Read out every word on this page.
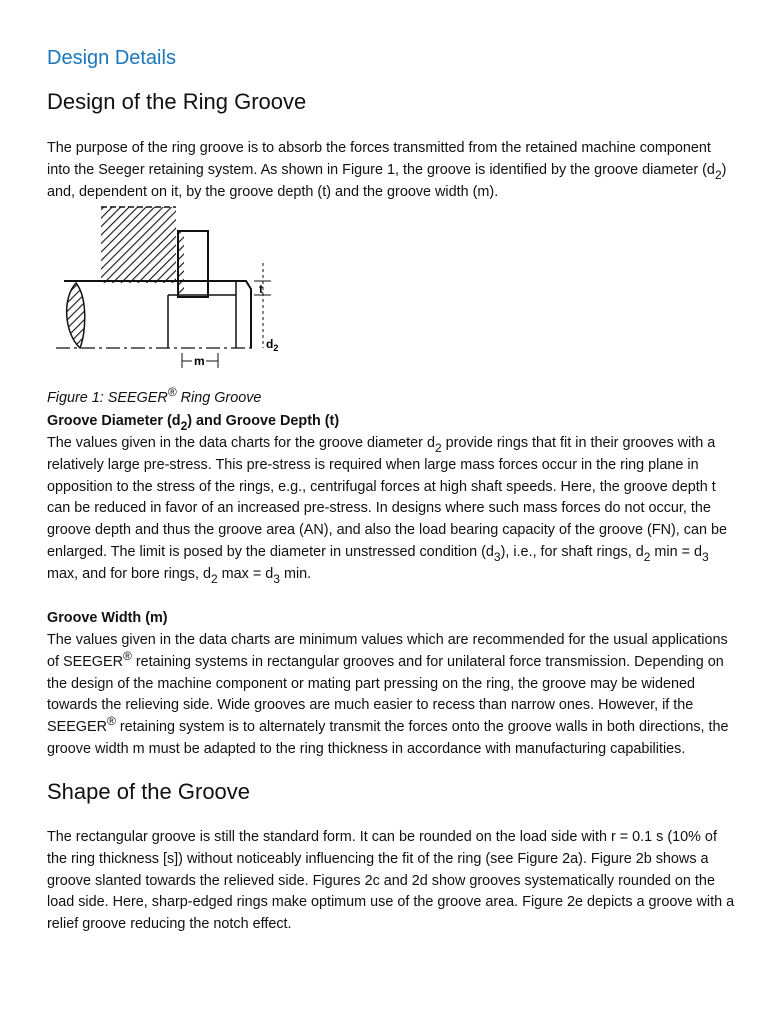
Design Details
Design of the Ring Groove

The purpose of the ring groove is to absorb the forces transmitted from the retained machine component into the Seeger retaining system. As shown in Figure 1, the groove is identified by the groove diameter $(d_2)$ and, dependent on it, by the groove depth (t) and the groove width (m).

t
$d_2$
m
Figure 1: SEEGER® Ring Groove

Groove Diameter $(d_2)$ and Groove Depth (t)

The values given in the data charts for the groove diameter $d_2$ provide rings that fit in their grooves with a relatively large pre-stress. This pre-stress is required when large mass forces occur in the ring plane in opposition to the stress of the rings, e.g., centrifugal forces at high shaft speeds. Here, the groove depth t can be reduced in favor of an increased pre-stress. In designs where such mass forces do not occur, the groove depth and thus the groove area (AN), and also the load bearing capacity of the groove (FN), can be enlarged. The limit is posed by the diameter in unstressed condition $(d_3)$, i.e., for shaft rings, $d_2$ $\min = d_3$ max, and for bore rings, $d_2$ $\max = d_3$ min.

Groove Width (m)

The values given in the data charts are minimum values which are recommended for the usual applications of SEEGER® retaining systems in rectangular grooves and for unilateral force transmission. Depending on the design of the machine component or mating part pressing on the ring, the groove may be widened towards the relieving side. Wide grooves are much easier to recess than narrow ones. However, if the SEEGER® retaining system is to alternately transmit the forces onto the groove walls in both directions, the groove width m must be adapted to the ring thickness in accordance with manufacturing capabilities.

Shape of the Groove

The rectangular groove is still the standard form. It can be rounded on the load side with r = 0.1 s (10% of the ring thickness [s]) without noticeably influencing the fit of the ring (see Figure 2a). Figure 2b shows a groove slanted towards the relieved side. Figures 2c and 2d show grooves systematically rounded on the load side. Here, sharp-edged rings make optimum use of the groove area. Figure 2e depicts a groove with a relief groove reducing the notch effect.
